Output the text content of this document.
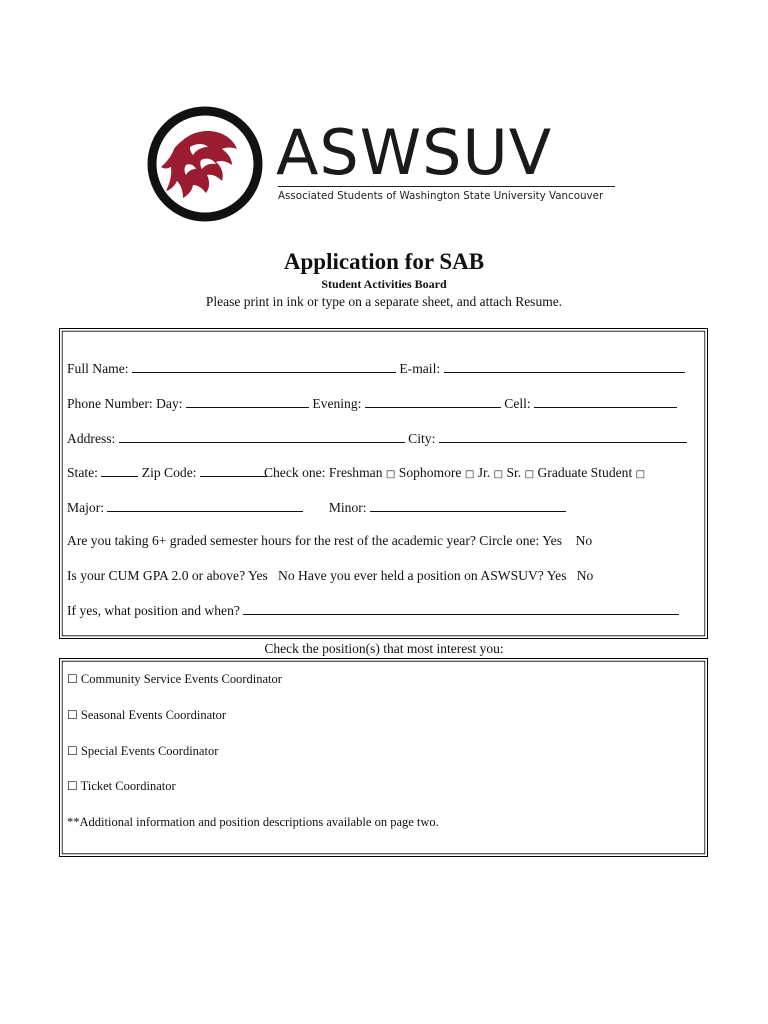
ASWSUV
Associated Students of Washington State University Vancouver
Application for SAB
Student Activities Board
Please print in ink or type on a separate sheet, and attach Resume.
Full Name:	E-mail:
Phone Number: Day:	Evening:	Cell:
Address:	City:
State:	Zip Code:	Check one: Freshman □ Sophomore □ Jr. □ Sr. □ Graduate Student □
Major:	Minor:
Are you taking 6+ graded semester hours for the rest of the academic year? Circle one: Yes No
Is your CUM GPA 2.0 or above? Yes No Have you ever held a position on ASWSUV? Yes No
If yes, what position and when?
Check the position(s) that most interest you:
☐ Community Service Events Coordinator
☐ Seasonal Events Coordinator
☐ Special Events Coordinator
☐ Ticket Coordinator
**Additional information and position descriptions available on page two.
